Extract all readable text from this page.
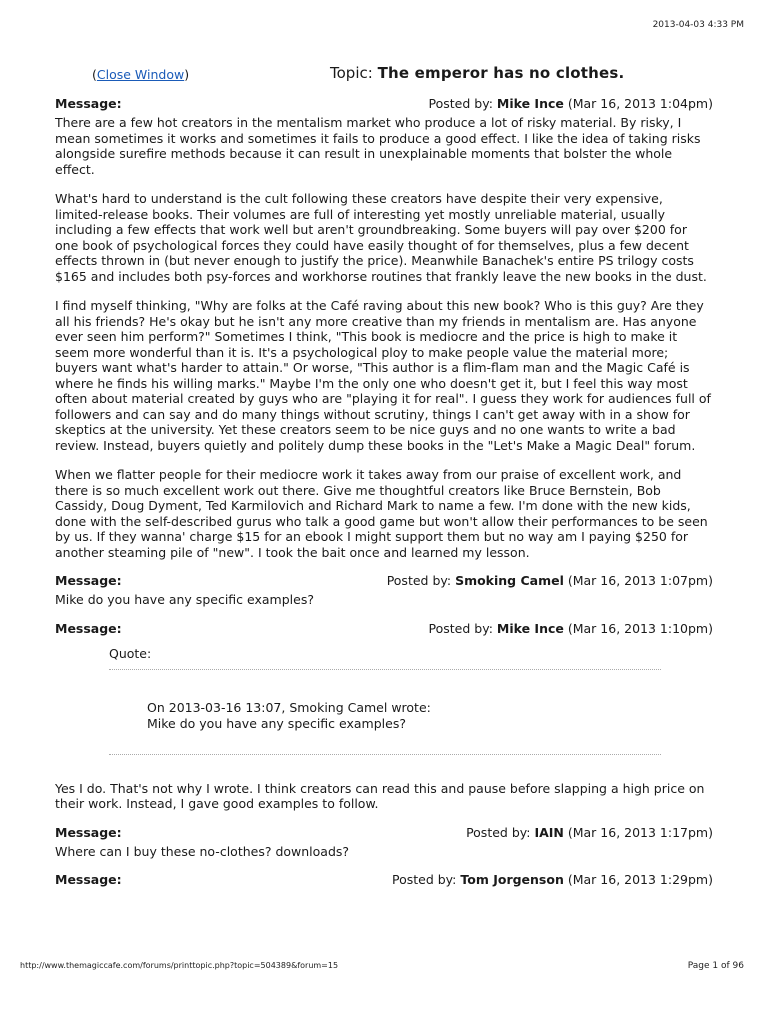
2013-04-03 4:33 PM
(Close Window)	Topic: The emperor has no clothes.
Message:	Posted by: Mike Ince (Mar 16, 2013 1:04pm)

There are a few hot creators in the mentalism market who produce a lot of risky material. By risky, I mean sometimes it works and sometimes it fails to produce a good effect. I like the idea of taking risks alongside surefire methods because it can result in unexplainable moments that bolster the whole effect.

What's hard to understand is the cult following these creators have despite their very expensive, limited-release books. Their volumes are full of interesting yet mostly unreliable material, usually including a few effects that work well but aren't groundbreaking. Some buyers will pay over $200 for one book of psychological forces they could have easily thought of for themselves, plus a few decent effects thrown in (but never enough to justify the price). Meanwhile Banachek's entire PS trilogy costs $165 and includes both psy-forces and workhorse routines that frankly leave the new books in the dust.

I find myself thinking, "Why are folks at the Café raving about this new book? Who is this guy? Are they all his friends? He's okay but he isn't any more creative than my friends in mentalism are. Has anyone ever seen him perform?" Sometimes I think, "This book is mediocre and the price is high to make it seem more wonderful than it is. It's a psychological ploy to make people value the material more; buyers want what's harder to attain." Or worse, "This author is a flim-flam man and the Magic Café is where he finds his willing marks." Maybe I'm the only one who doesn't get it, but I feel this way most often about material created by guys who are "playing it for real". I guess they work for audiences full of followers and can say and do many things without scrutiny, things I can't get away with in a show for skeptics at the university. Yet these creators seem to be nice guys and no one wants to write a bad review. Instead, buyers quietly and politely dump these books in the "Let's Make a Magic Deal" forum.

When we flatter people for their mediocre work it takes away from our praise of excellent work, and there is so much excellent work out there. Give me thoughtful creators like Bruce Bernstein, Bob Cassidy, Doug Dyment, Ted Karmilovich and Richard Mark to name a few. I'm done with the new kids, done with the self-described gurus who talk a good game but won't allow their performances to be seen by us. If they wanna' charge $15 for an ebook I might support them but no way am I paying $250 for another steaming pile of "new". I took the bait once and learned my lesson.

Message:	Posted by: Smoking Camel (Mar 16, 2013 1:07pm)

Mike do you have any specific examples?

Message:	Posted by: Mike Ince (Mar 16, 2013 1:10pm)
Quote:
On 2013-03-16 13:07, Smoking Camel wrote:
Mike do you have any specific examples?

Yes I do. That's not why I wrote. I think creators can read this and pause before slapping a high price on their work. Instead, I gave good examples to follow.

Message:	Posted by: IAIN (Mar 16, 2013 1:17pm)

Where can I buy these no-clothes? downloads?

Message:	Posted by: Tom Jorgenson (Mar 16, 2013 1:29pm)
http://www.themagiccafe.com/forums/printtopic.php?topic=504389&forum=15	Page 1 of 96
